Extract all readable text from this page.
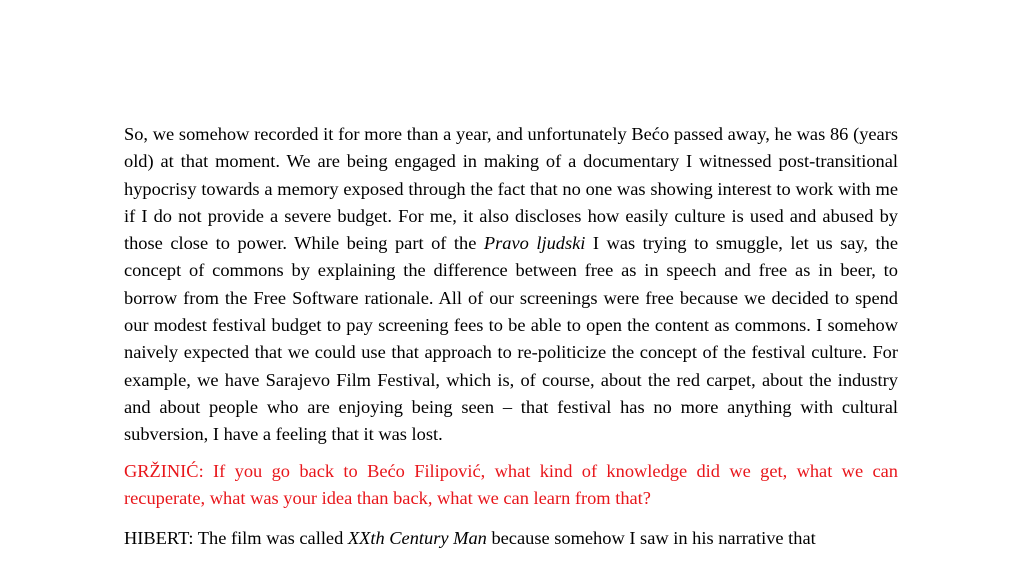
So, we somehow recorded it for more than a year, and unfortunately Bećo passed away, he was 86 (years old) at that moment. We are being engaged in making of a documentary I witnessed post-transitional hypocrisy towards a memory exposed through the fact that no one was showing interest to work with me if I do not provide a severe budget. For me, it also discloses how easily culture is used and abused by those close to power. While being part of the Pravo ljudski I was trying to smuggle, let us say, the concept of commons by explaining the difference between free as in speech and free as in beer, to borrow from the Free Software rationale. All of our screenings were free because we decided to spend our modest festival budget to pay screening fees to be able to open the content as commons. I somehow naively expected that we could use that approach to re-politicize the concept of the festival culture. For example, we have Sarajevo Film Festival, which is, of course, about the red carpet, about the industry and about people who are enjoying being seen – that festival has no more anything with cultural subversion, I have a feeling that it was lost.

GRŽINIĆ: If you go back to Bećo Filipović, what kind of knowledge did we get, what we can recuperate, what was your idea than back, what we can learn from that?

HIBERT: The film was called XXth Century Man because somehow I saw in his narrative that
